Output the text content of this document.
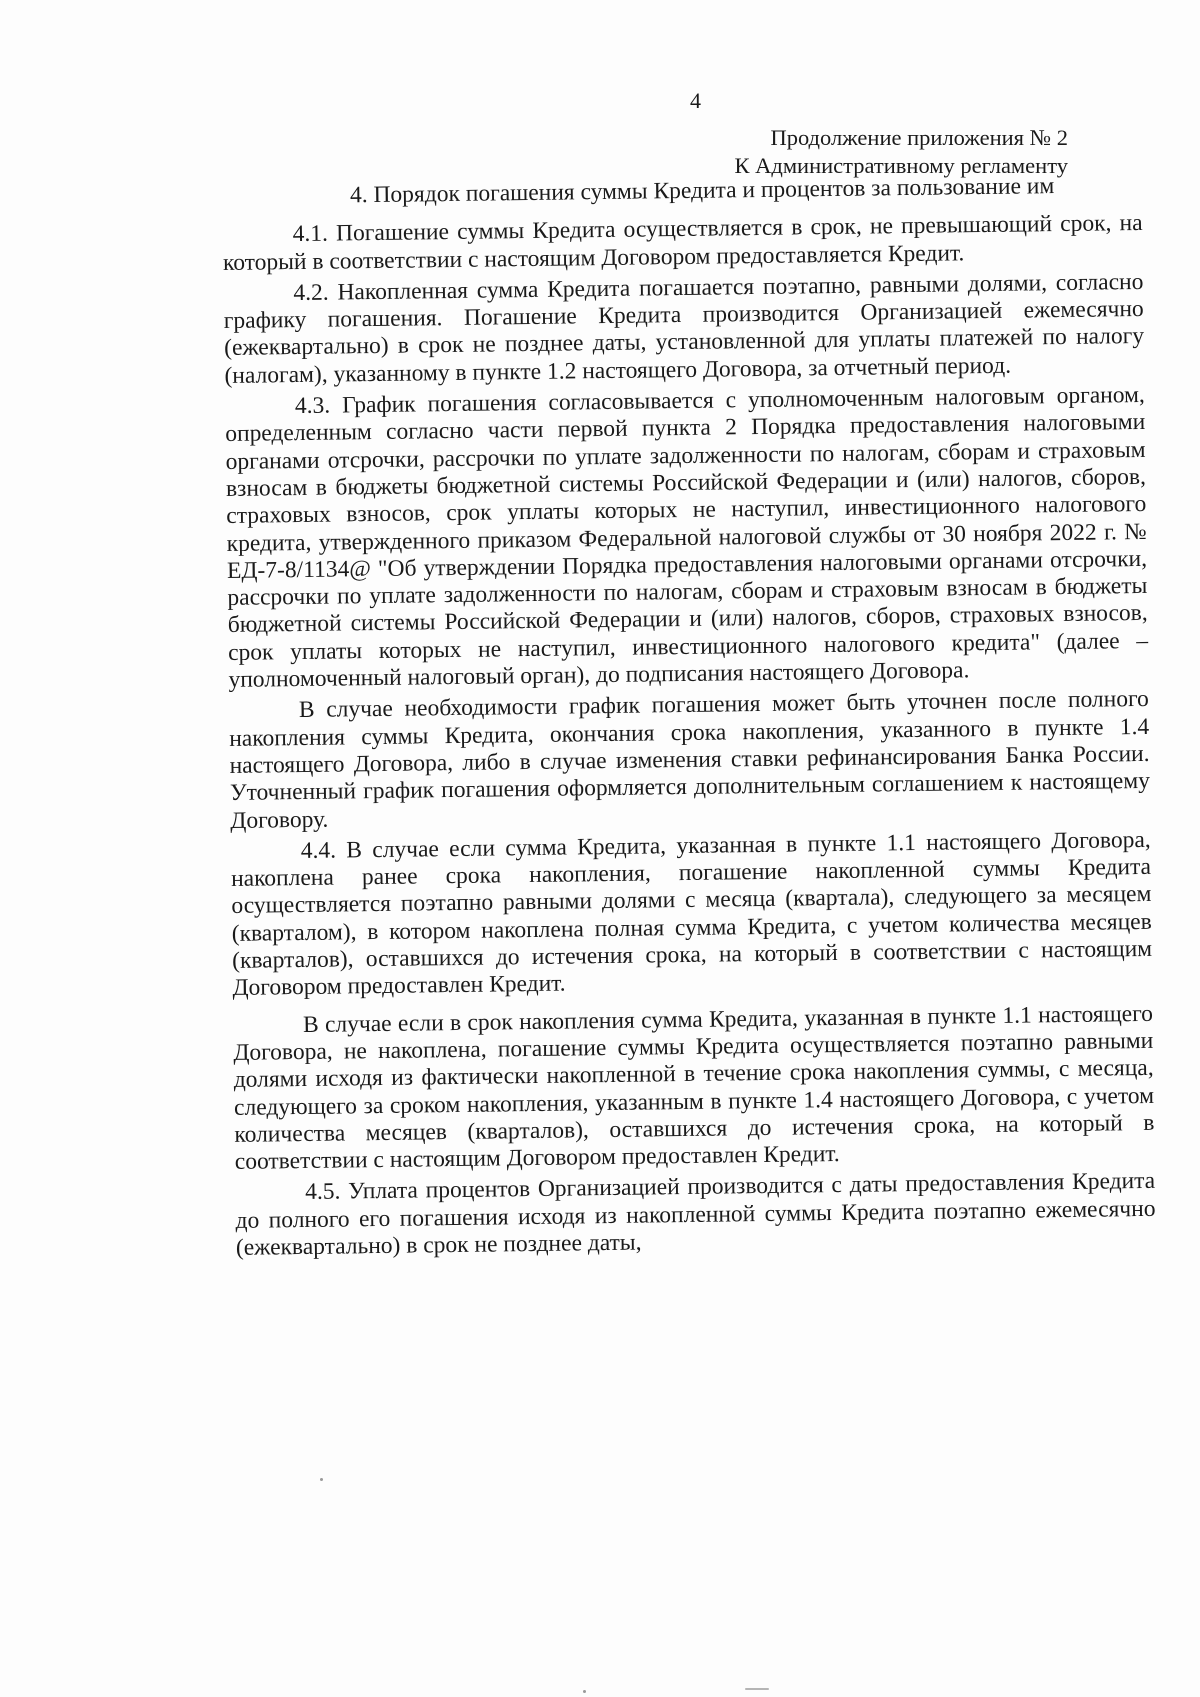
4
Продолжение приложения № 2
К Административному регламенту
4. Порядок погашения суммы Кредита и процентов за пользование им

4.1. Погашение суммы Кредита осуществляется в срок, не превышающий срок, на который в соответствии с настоящим Договором предоставляется Кредит.

4.2. Накопленная сумма Кредита погашается поэтапно, равными долями, согласно графику погашения. Погашение Кредита производится Организацией ежемесячно (ежеквартально) в срок не позднее даты, установленной для уплаты платежей по налогу (налогам), указанному в пункте 1.2 настоящего Договора, за отчетный период.

4.3. График погашения согласовывается с уполномоченным налоговым органом, определенным согласно части первой пункта 2 Порядка предоставления налоговыми органами отсрочки, рассрочки по уплате задолженности по налогам, сборам и страховым взносам в бюджеты бюджетной системы Российской Федерации и (или) налогов, сборов, страховых взносов, срок уплаты которых не наступил, инвестиционного налогового кредита, утвержденного приказом Федеральной налоговой службы от 30 ноября 2022 г. № ЕД-7-8/1134@ "Об утверждении Порядка предоставления налоговыми органами отсрочки, рассрочки по уплате задолженности по налогам, сборам и страховым взносам в бюджеты бюджетной системы Российской Федерации и (или) налогов, сборов, страховых взносов, срок уплаты которых не наступил, инвестиционного налогового кредита" (далее – уполномоченный налоговый орган), до подписания настоящего Договора.

В случае необходимости график погашения может быть уточнен после полного накопления суммы Кредита, окончания срока накопления, указанного в пункте 1.4 настоящего Договора, либо в случае изменения ставки рефинансирования Банка России. Уточненный график погашения оформляется дополнительным соглашением к настоящему Договору.

4.4. В случае если сумма Кредита, указанная в пункте 1.1 настоящего Договора, накоплена ранее срока накопления, погашение накопленной суммы Кредита осуществляется поэтапно равными долями с месяца (квартала), следующего за месяцем (кварталом), в котором накоплена полная сумма Кредита, с учетом количества месяцев (кварталов), оставшихся до истечения срока, на который в соответствии с настоящим Договором предоставлен Кредит.

В случае если в срок накопления сумма Кредита, указанная в пункте 1.1 настоящего Договора, не накоплена, погашение суммы Кредита осуществляется поэтапно равными долями исходя из фактически накопленной в течение срока накопления суммы, с месяца, следующего за сроком накопления, указанным в пункте 1.4 настоящего Договора, с учетом количества месяцев (кварталов), оставшихся до истечения срока, на который в соответствии с настоящим Договором предоставлен Кредит.

4.5. Уплата процентов Организацией производится с даты предоставления Кредита до полного его погашения исходя из накопленной суммы Кредита поэтапно ежемесячно (ежеквартально) в срок не позднее даты,
